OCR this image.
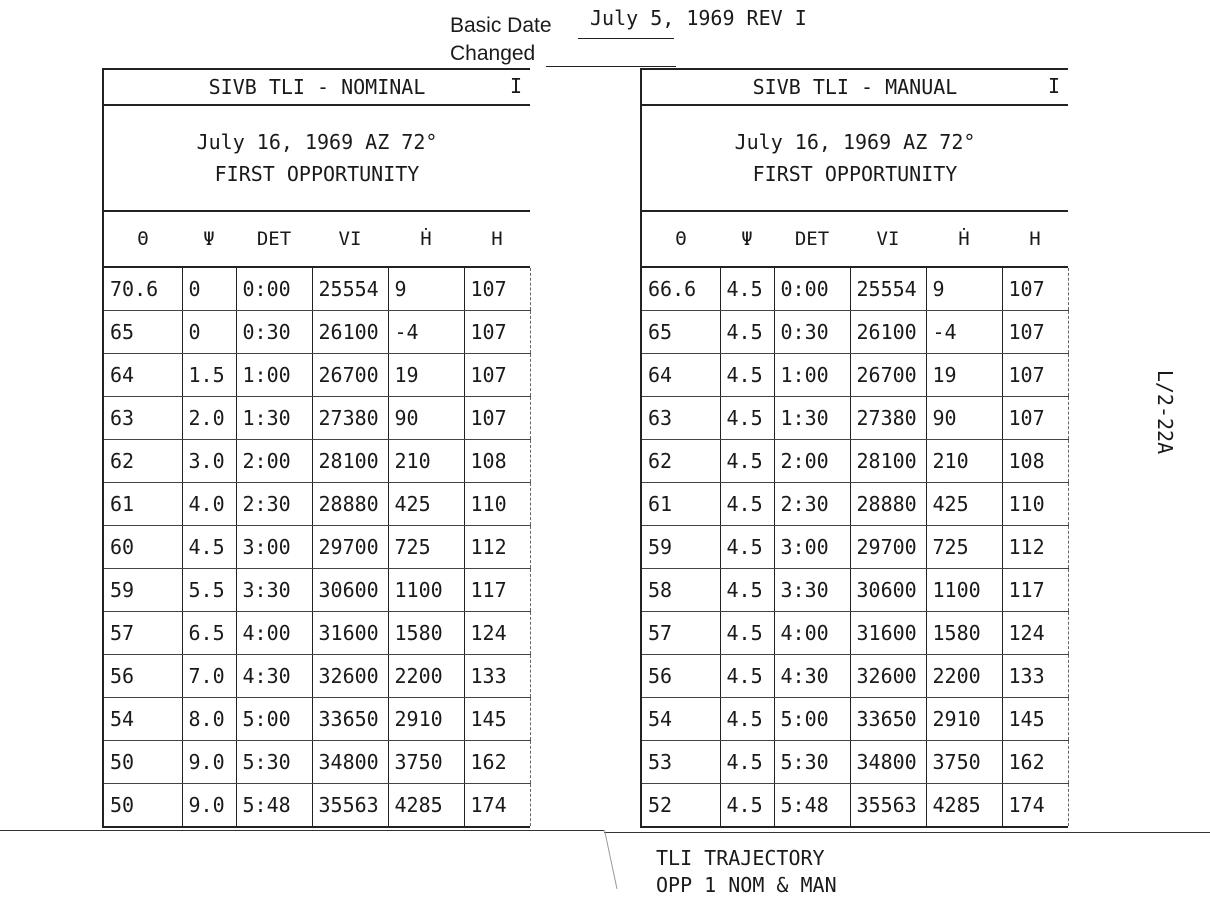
Basic Date July 5, 1969 REV I
Changed
SIVB TLI - NOMINAL	I
July 16, 1969 AZ 72°
FIRST OPPORTUNITY
Θ	Ψ	DET	VI	Ḣ	H
70.6	0	0:00	25554	9	107
65	0	0:30	26100	-4	107
64	1.5	1:00	26700	19	107
63	2.0	1:30	27380	90	107
62	3.0	2:00	28100	210	108
61	4.0	2:30	28880	425	110
60	4.5	3:00	29700	725	112
59	5.5	3:30	30600	1100	117
57	6.5	4:00	31600	1580	124
56	7.0	4:30	32600	2200	133
54	8.0	5:00	33650	2910	145
50	9.0	5:30	34800	3750	162
50	9.0	5:48	35563	4285	174
SIVB TLI - MANUAL	I
July 16, 1969 AZ 72°
FIRST OPPORTUNITY
Θ	Ψ	DET	VI	Ḣ	H
66.6	4.5	0:00	25554	9	107
65	4.5	0:30	26100	-4	107
64	4.5	1:00	26700	19	107
63	4.5	1:30	27380	90	107
62	4.5	2:00	28100	210	108
61	4.5	2:30	28880	425	110
59	4.5	3:00	29700	725	112
58	4.5	3:30	30600	1100	117
57	4.5	4:00	31600	1580	124
56	4.5	4:30	32600	2200	133
54	4.5	5:00	33650	2910	145
53	4.5	5:30	34800	3750	162
52	4.5	5:48	35563	4285	174
L/2-22A
TLI TRAJECTORY
OPP 1 NOM & MAN
